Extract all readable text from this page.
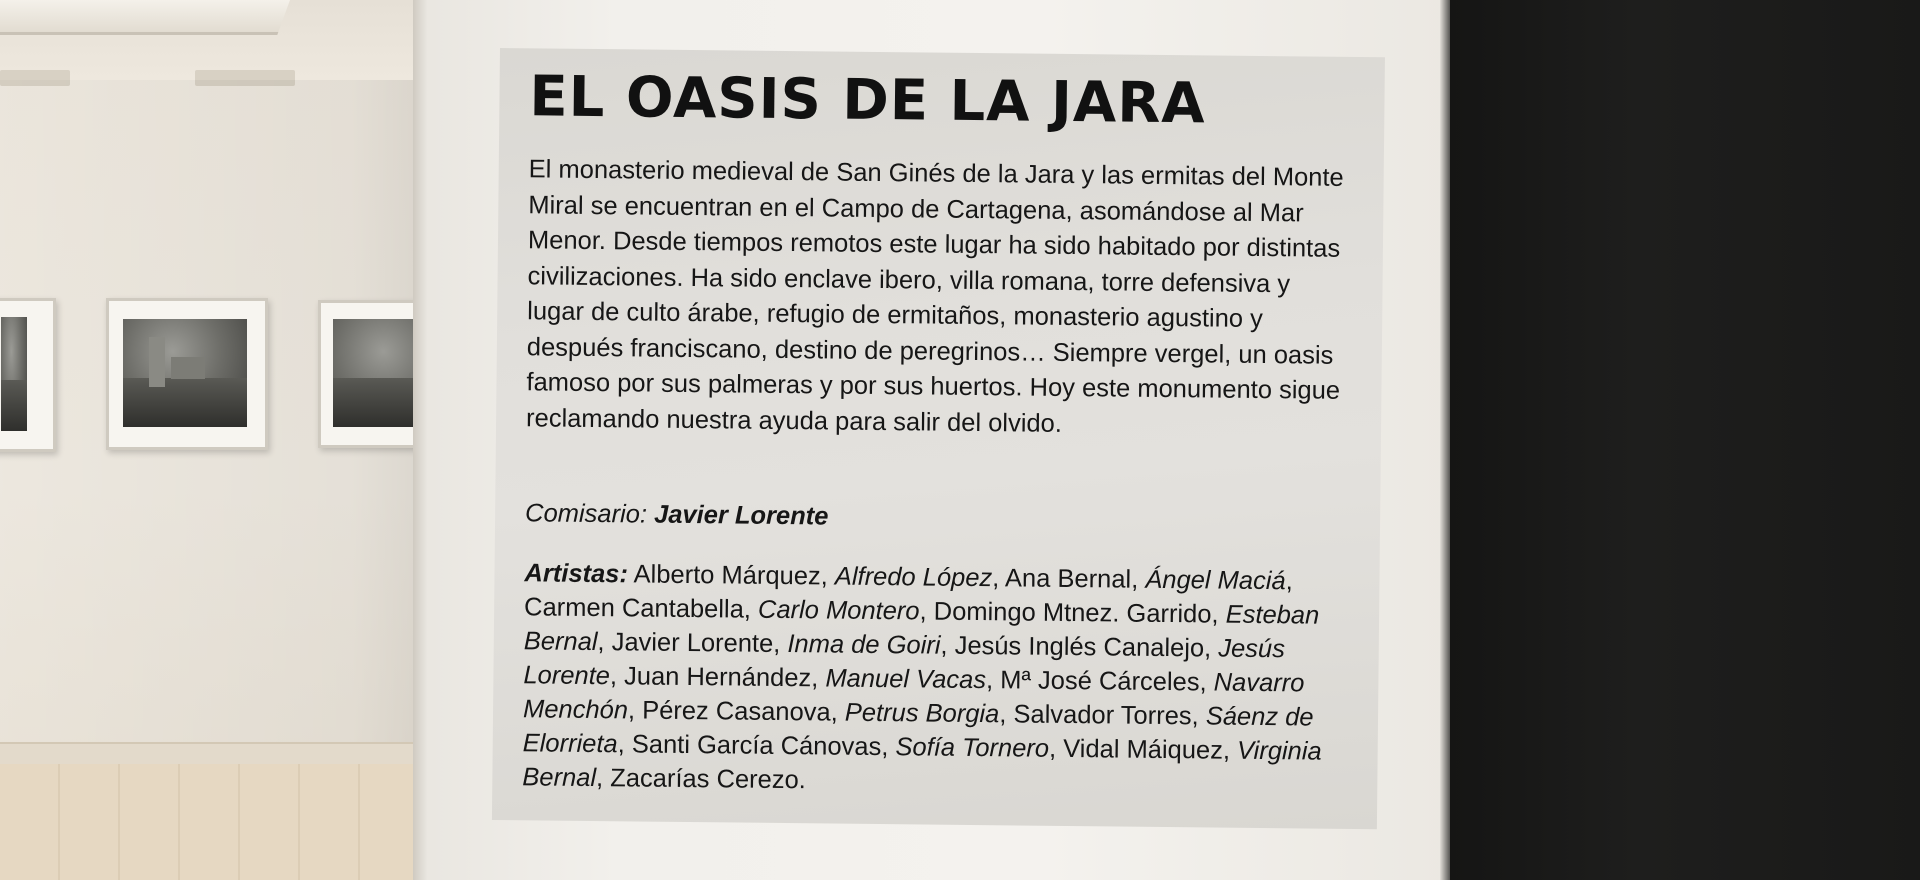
EL OASIS DE LA JARA

El monasterio medieval de San Ginés de la Jara y las ermitas del Monte Miral se encuentran en el Campo de Cartagena, asomándose al Mar Menor. Desde tiempos remotos este lugar ha sido habitado por distintas civilizaciones. Ha sido enclave ibero, villa romana, torre defensiva y lugar de culto árabe, refugio de ermitaños, monasterio agustino y después franciscano, destino de peregrinos… Siempre vergel, un oasis famoso por sus palmeras y por sus huertos. Hoy este monumento sigue reclamando nuestra ayuda para salir del olvido.

Comisario: Javier Lorente
Artistas: Alberto Márquez, Alfredo López, Ana Bernal, Ángel Maciá, Carmen Cantabella, Carlo Montero, Domingo Mtnez. Garrido, Esteban Bernal, Javier Lorente, Inma de Goiri, Jesús Inglés Canalejo, Jesús Lorente, Juan Hernández, Manuel Vacas, Mª José Cárceles, Navarro Menchón, Pérez Casanova, Petrus Borgia, Salvador Torres, Sáenz de Elorrieta, Santi García Cánovas, Sofía Tornero, Vidal Máiquez, Virginia Bernal, Zacarías Cerezo.
